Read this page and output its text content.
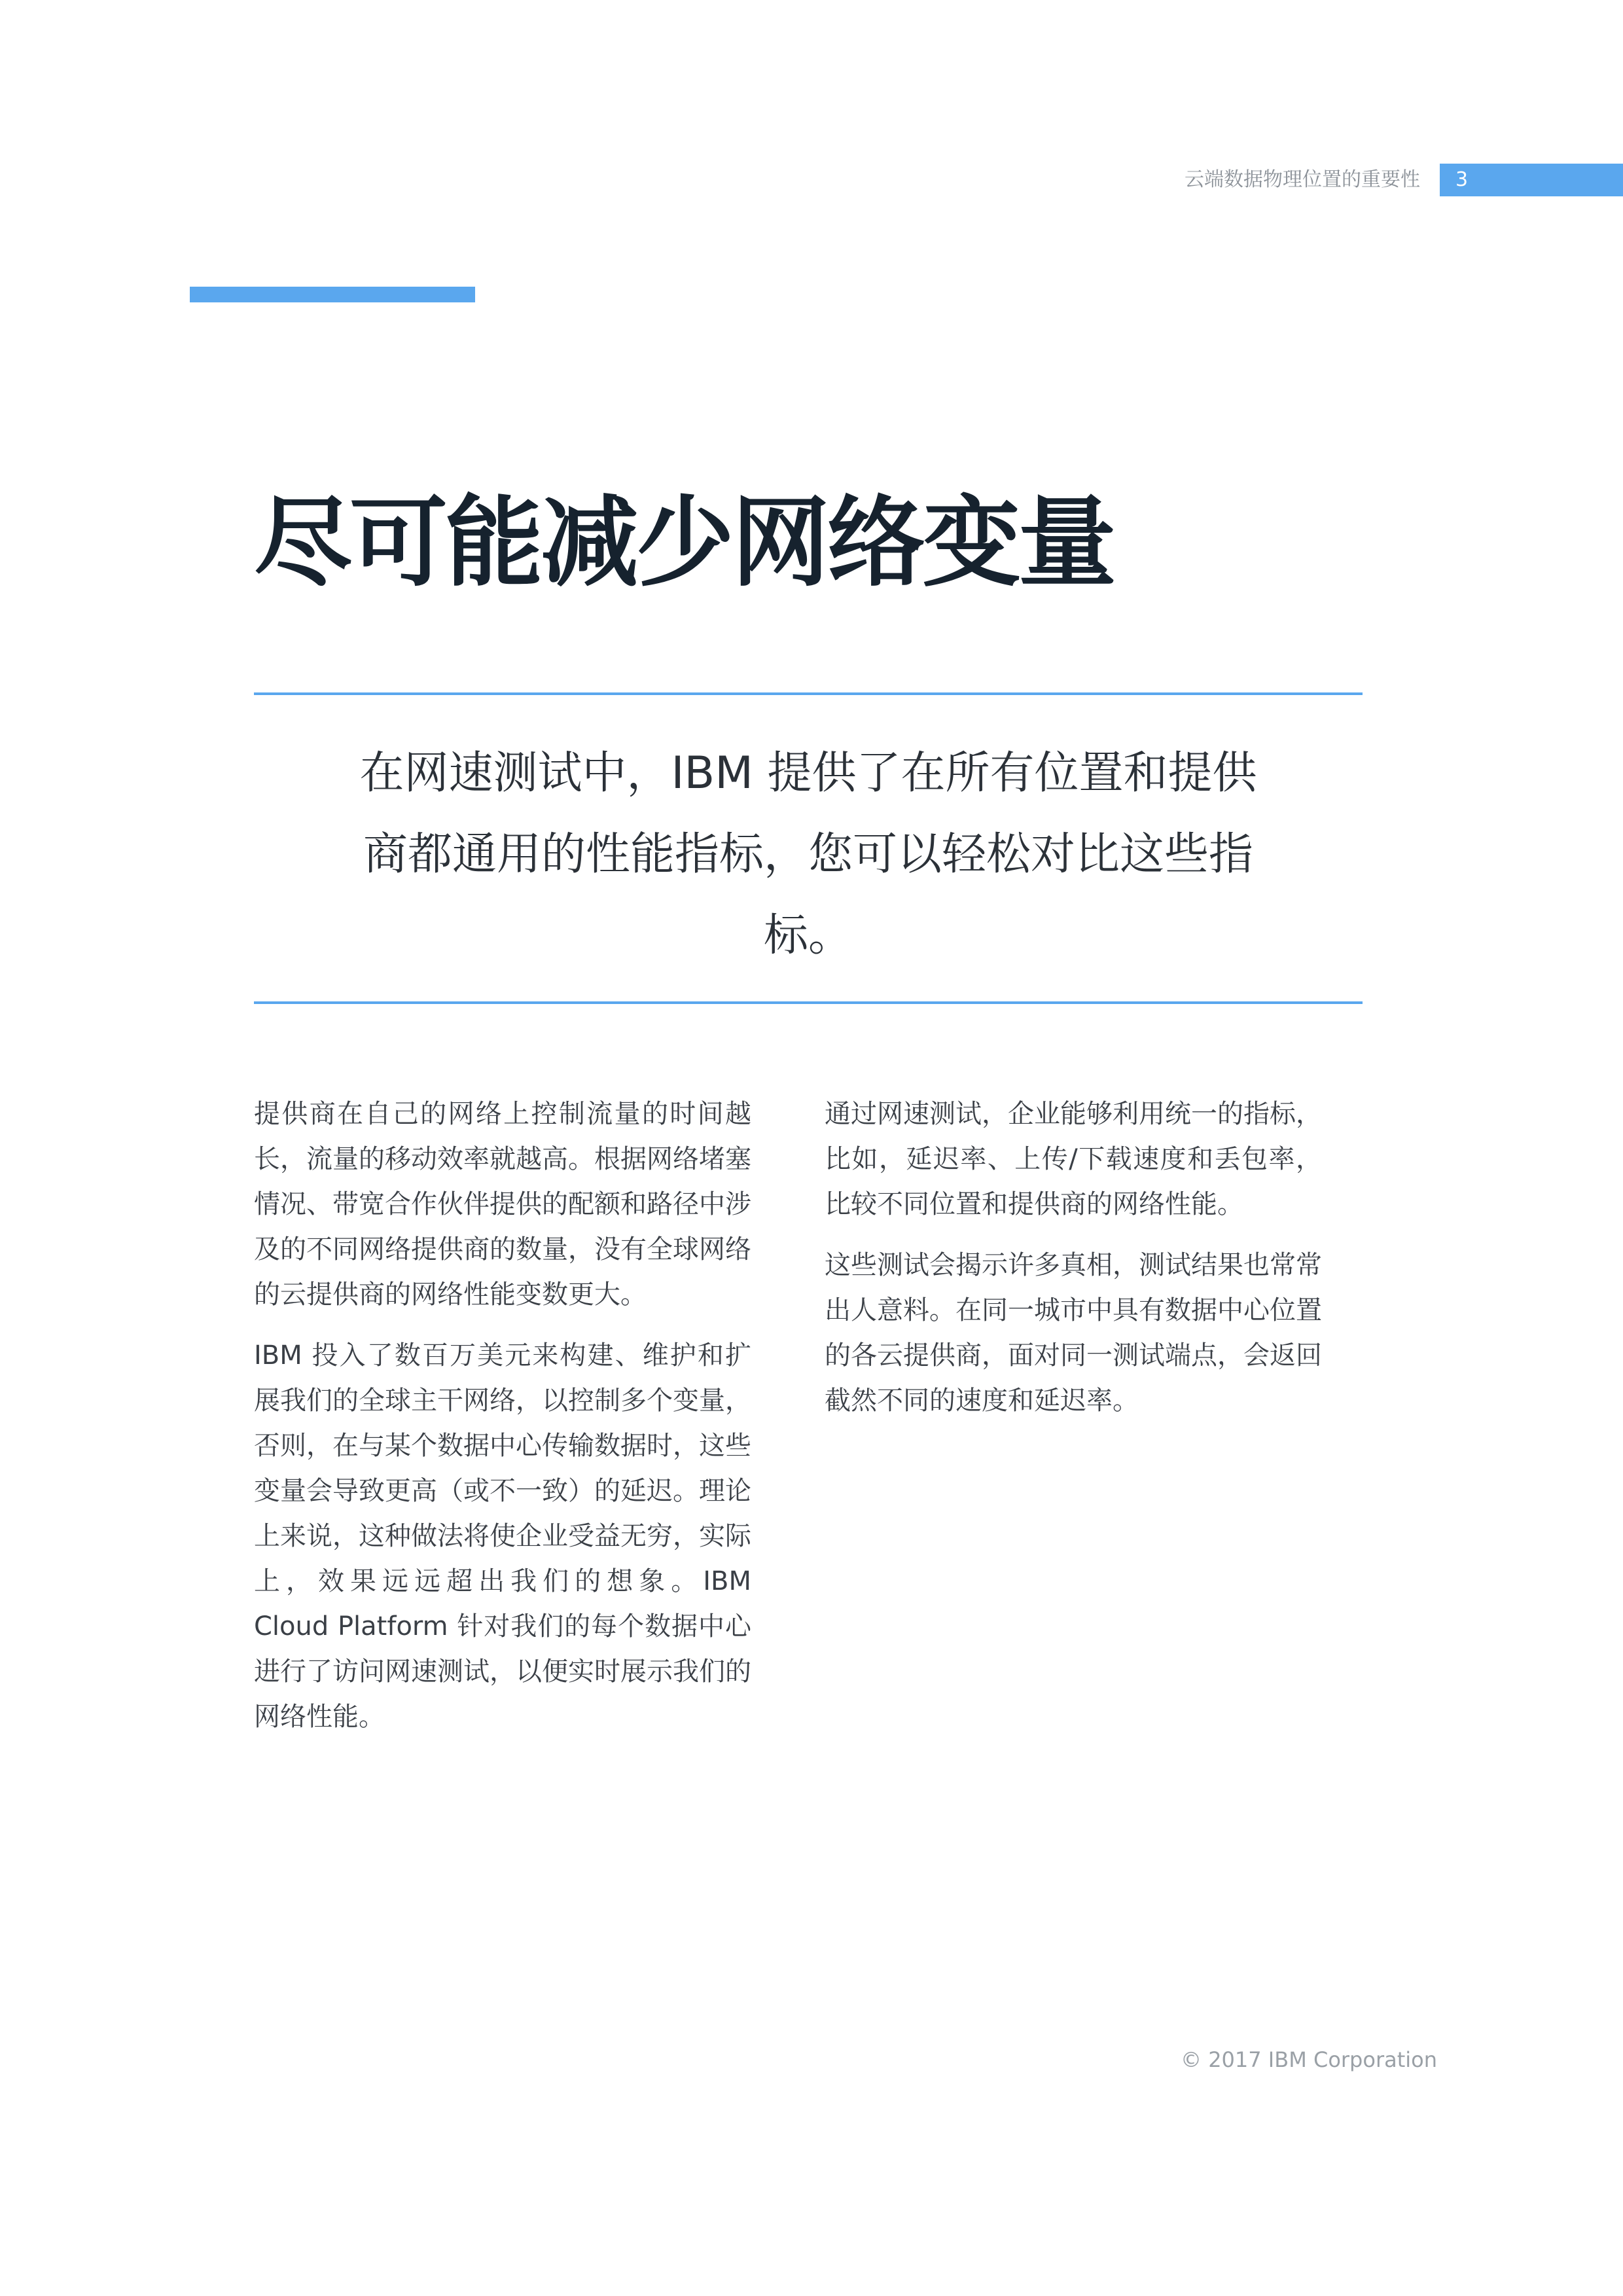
云端数据物理位置的重要性	3
尽可能减少网络变量

在网速测试中，IBM 提供了在所有位置和提供商都通用的性能指标，您可以轻松对比这些指标。

提供商在自己的网络上控制流量的时间越长，流量的移动效率就越高。根据网络堵塞情况、带宽合作伙伴提供的配额和路径中涉及的不同网络提供商的数量，没有全球网络的云提供商的网络性能变数更大。

IBM 投入了数百万美元来构建、维护和扩展我们的全球主干网络，以控制多个变量，否则，在与某个数据中心传输数据时，这些变量会导致更高（或不一致）的延迟。理论上来说，这种做法将使企业受益无穷，实际上，效果远远超出我们的想象。IBM Cloud Platform 针对我们的每个数据中心进行了访问网速测试，以便实时展示我们的网络性能。

通过网速测试，企业能够利用统一的指标，比如，延迟率、上传/下载速度和丢包率，比较不同位置和提供商的网络性能。

这些测试会揭示许多真相，测试结果也常常出人意料。在同一城市中具有数据中心位置的各云提供商，面对同一测试端点，会返回截然不同的速度和延迟率。

© 2017 IBM Corporation
